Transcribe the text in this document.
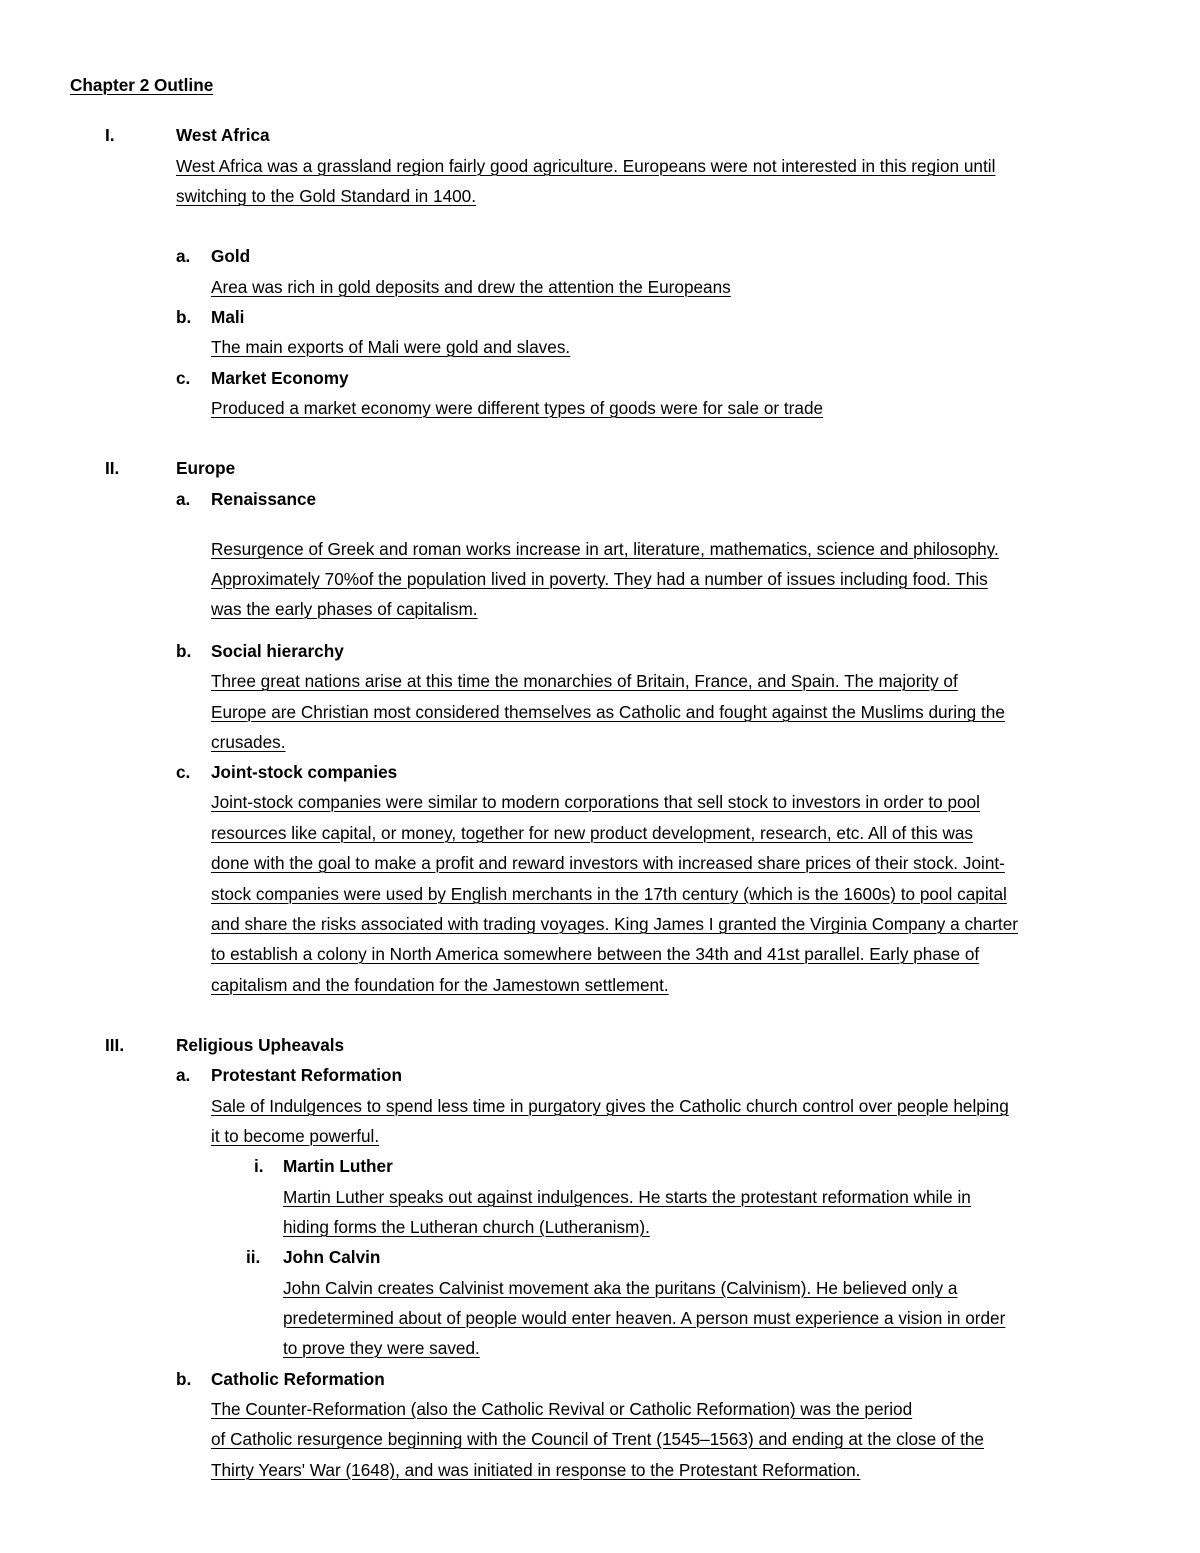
Chapter 2 Outline
I.	West Africa
West Africa was a grassland region fairly good agriculture. Europeans were not interested in this region until
switching to the Gold Standard in 1400.
a. Gold
Area was rich in gold deposits and drew the attention the Europeans
b. Mali
The main exports of Mali were gold and slaves.
c. Market Economy
Produced a market economy were different types of goods were for sale or trade
II.	Europe
a. Renaissance
Resurgence of Greek and roman works increase in art, literature, mathematics, science and philosophy.
Approximately 70%of the population lived in poverty. They had a number of issues including food. This
was the early phases of capitalism.
b. Social hierarchy
Three great nations arise at this time the monarchies of Britain, France, and Spain. The majority of
Europe are Christian most considered themselves as Catholic and fought against the Muslims during the
crusades.
c. Joint-stock companies
Joint-stock companies were similar to modern corporations that sell stock to investors in order to pool
resources like capital, or money, together for new product development, research, etc. All of this was
done with the goal to make a profit and reward investors with increased share prices of their stock. Joint-
stock companies were used by English merchants in the 17th century (which is the 1600s) to pool capital
and share the risks associated with trading voyages. King James I granted the Virginia Company a charter
to establish a colony in North America somewhere between the 34th and 41st parallel. Early phase of
capitalism and the foundation for the Jamestown settlement.
III.	Religious Upheavals
a. Protestant Reformation
Sale of Indulgences to spend less time in purgatory gives the Catholic church control over people helping
it to become powerful.
i. Martin Luther
Martin Luther speaks out against indulgences. He starts the protestant reformation while in
hiding forms the Lutheran church (Lutheranism).
ii. John Calvin
John Calvin creates Calvinist movement aka the puritans (Calvinism). He believed only a
predetermined about of people would enter heaven. A person must experience a vision in order
to prove they were saved.
b. Catholic Reformation
The Counter-Reformation (also the Catholic Revival or Catholic Reformation) was the period
of Catholic resurgence beginning with the Council of Trent (1545–1563) and ending at the close of the
Thirty Years' War (1648), and was initiated in response to the Protestant Reformation.
